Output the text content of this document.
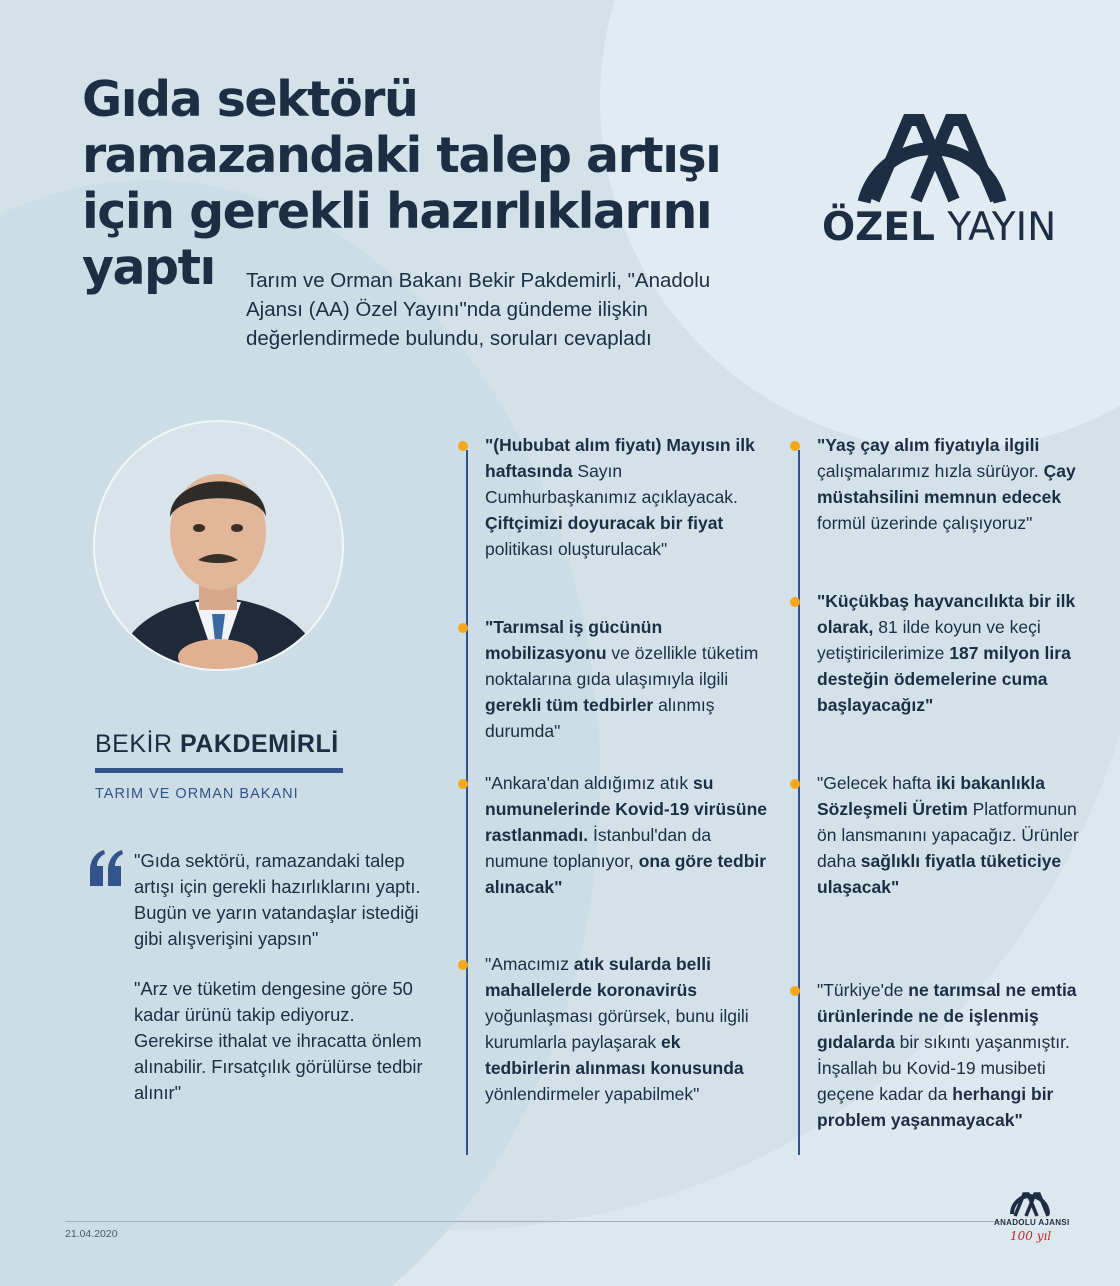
Gıda sektörü
ramazandaki talep artışı
için gerekli hazırlıklarını
yaptı	Tarım ve Orman Bakanı Bekir Pakdemirli, "Anadolu Ajansı (AA) Özel Yayını"nda gündeme ilişkin değerlendirmede bulundu, soruları cevapladı

AA
ÖZEL YAYIN
BEKİR PAKDEMİRLİ
TARIM VE ORMAN BAKANI

"Gıda sektörü, ramazandaki talep artışı için gerekli hazırlıklarını yaptı. Bugün ve yarın vatandaşlar istediği gibi alışverişini yapsın"

"Arz ve tüketim dengesine göre 50 kadar ürünü takip ediyoruz. Gerekirse ithalat ve ihracatta önlem alınabilir. Fırsatçılık görülürse tedbir alınır"

"(Hububat alım fiyatı) Mayısın ilk haftasında Sayın Cumhurbaşkanımız açıklayacak. Çiftçimizi doyuracak bir fiyat politikası oluşturulacak"
"Tarımsal iş gücünün mobilizasyonu ve özellikle tüketim noktalarına gıda ulaşımıyla ilgili gerekli tüm tedbirler alınmış durumda"
"Ankara'dan aldığımız atık su numunelerinde Kovid-19 virüsüne rastlanmadı. İstanbul'dan da numune toplanıyor, ona göre tedbir alınacak"
"Amacımız atık sularda belli mahallelerde koronavirüs yoğunlaşması görürsek, bunu ilgili kurumlarla paylaşarak ek tedbirlerin alınması konusunda yönlendirmeler yapabilmek"
"Yaş çay alım fiyatıyla ilgili çalışmalarımız hızla sürüyor. Çay müstahsilini memnun edecek formül üzerinde çalışıyoruz"
"Küçükbaş hayvancılıkta bir ilk olarak, 81 ilde koyun ve keçi yetiştiricilerimize 187 milyon lira desteğin ödemelerine cuma başlayacağız"
"Gelecek hafta iki bakanlıkla Sözleşmeli Üretim Platformunun ön lansmanını yapacağız. Ürünler daha sağlıklı fiyatla tüketiciye ulaşacak"
"Türkiye'de ne tarımsal ne emtia ürünlerinde ne de işlenmiş gıdalarda bir sıkıntı yaşanmıştır. İnşallah bu Kovid-19 musibeti geçene kadar da herhangi bir problem yaşanmayacak"
21.04.2020
ANADOLU AJANSI
100 yıl
